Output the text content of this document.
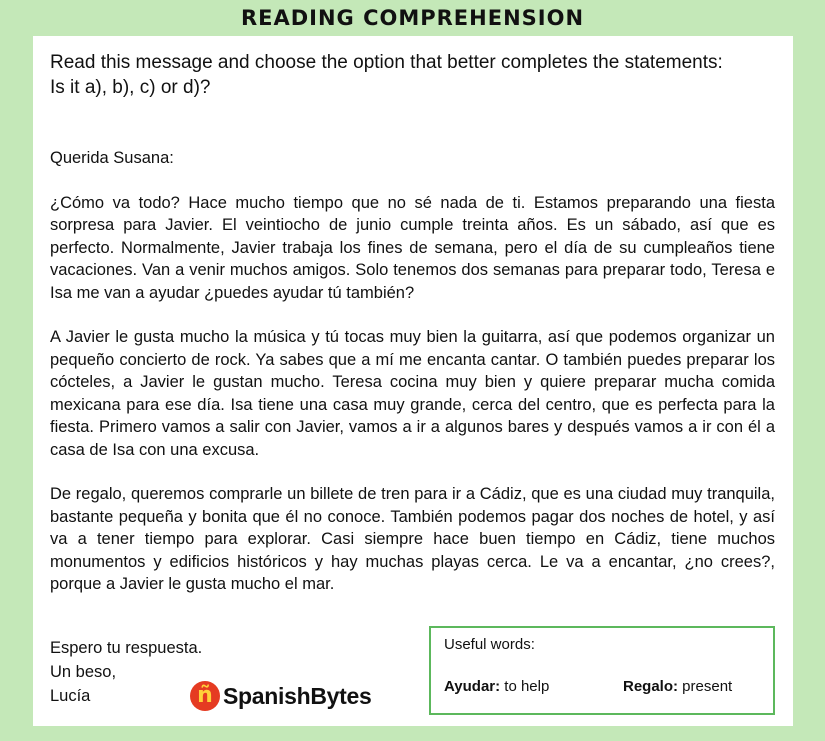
READING COMPREHENSION
Read this message and choose the option that better completes the statements:
Is it a), b), c) or d)?

Querida Susana:

¿Cómo va todo? Hace mucho tiempo que no sé nada de ti. Estamos preparando una fiesta sorpresa para Javier. El veintiocho de junio cumple treinta años. Es un sábado, así que es perfecto. Normalmente, Javier trabaja los fines de semana, pero el día de su cumpleaños tiene vacaciones. Van a venir muchos amigos. Solo tenemos dos semanas para preparar todo, Teresa e Isa me van a ayudar ¿puedes ayudar tú también?

A Javier le gusta mucho la música y tú tocas muy bien la guitarra, así que podemos organizar un pequeño concierto de rock. Ya sabes que a mí me encanta cantar. O también puedes preparar los cócteles, a Javier le gustan mucho. Teresa cocina muy bien y quiere preparar mucha comida mexicana para ese día. Isa tiene una casa muy grande, cerca del centro, que es perfecta para la fiesta. Primero vamos a salir con Javier, vamos a ir a algunos bares y después vamos a ir con él a casa de Isa con una excusa.

De regalo, queremos comprarle un billete de tren para ir a Cádiz, que es una ciudad muy tranquila, bastante pequeña y bonita que él no conoce. También podemos pagar dos noches de hotel, y así va a tener tiempo para explorar. Casi siempre hace buen tiempo en Cádiz, tiene muchos monumentos y edificios históricos y hay muchas playas cerca. Le va a encantar, ¿no crees?, porque a Javier le gusta mucho el mar.

Espero tu respuesta.
Un beso,
Lucía	ñ SpanishBytes
Useful words:
Ayudar: to help	Regalo: present
